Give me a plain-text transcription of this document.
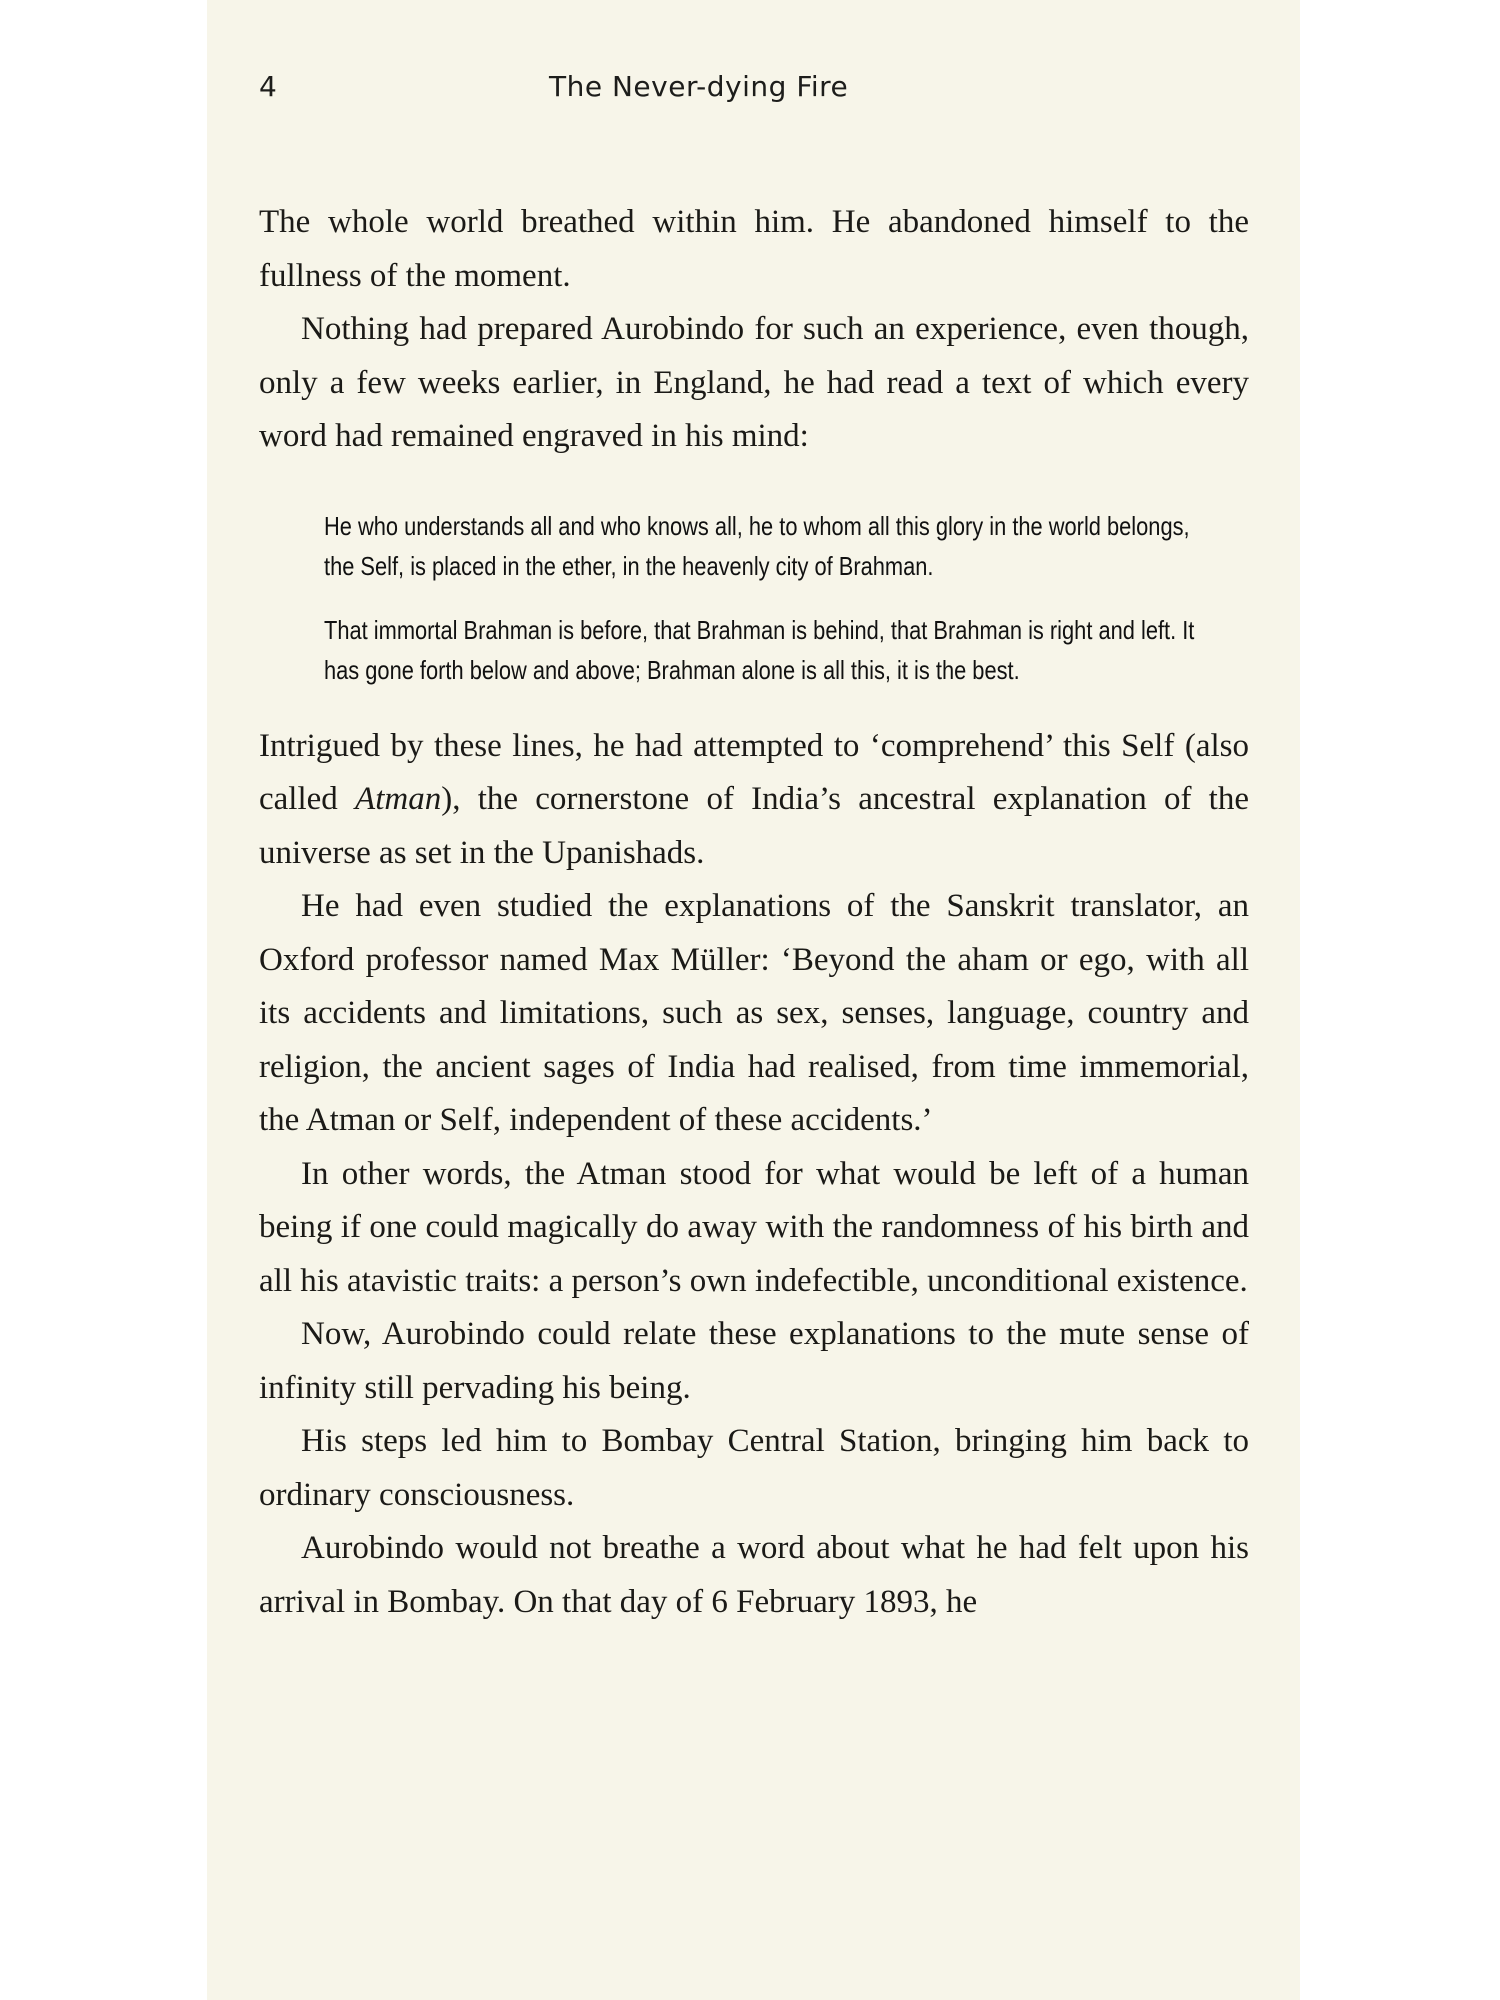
4	The Never-dying Fire

The whole world breathed within him. He abandoned himself to the fullness of the moment.

Nothing had prepared Aurobindo for such an experience, even though, only a few weeks earlier, in England, he had read a text of which every word had remained engraved in his mind:

He who understands all and who knows all, he to whom all this glory in the world belongs, the Self, is placed in the ether, in the heavenly city of Brahman.

That immortal Brahman is before, that Brahman is behind, that Brahman is right and left. It has gone forth below and above; Brahman alone is all this, it is the best.

Intrigued by these lines, he had attempted to ‘comprehend’ this Self (also called Atman), the cornerstone of India’s ancestral explanation of the universe as set in the Upanishads.

He had even studied the explanations of the Sanskrit translator, an Oxford professor named Max Müller: ‘Beyond the aham or ego, with all its accidents and limitations, such as sex, senses, language, country and religion, the ancient sages of India had realised, from time immemorial, the Atman or Self, independent of these accidents.’

In other words, the Atman stood for what would be left of a human being if one could magically do away with the randomness of his birth and all his atavistic traits: a person’s own indefectible, unconditional existence.

Now, Aurobindo could relate these explanations to the mute sense of infinity still pervading his being.

His steps led him to Bombay Central Station, bringing him back to ordinary consciousness.

Aurobindo would not breathe a word about what he had felt upon his arrival in Bombay. On that day of 6 February 1893, he
